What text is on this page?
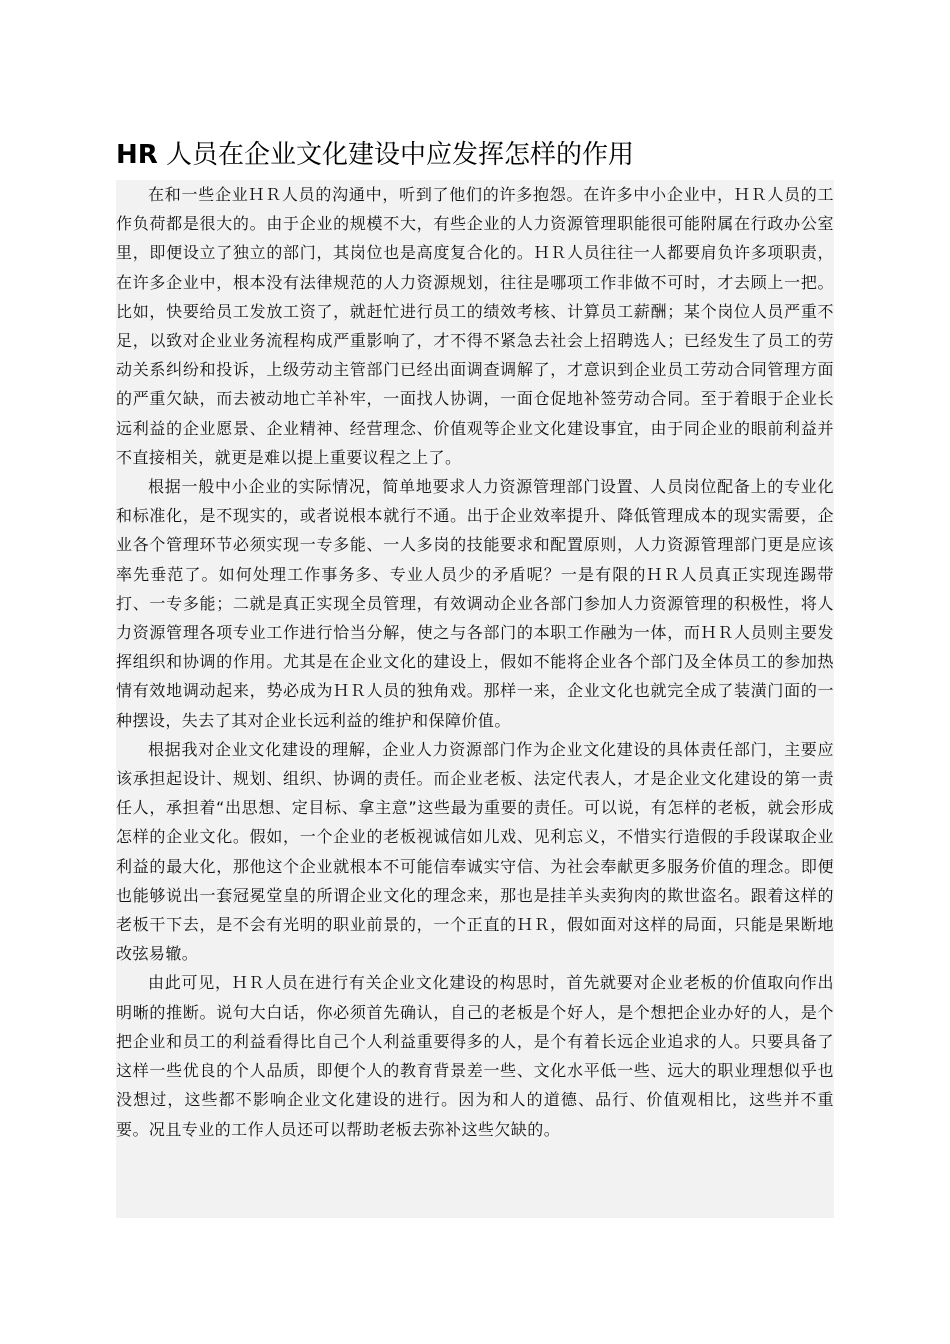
HR 人员在企业文化建设中应发挥怎样的作用

在和一些企业ＨＲ人员的沟通中，听到了他们的许多抱怨。在许多中小企业中，ＨＲ人员的工作负荷都是很大的。由于企业的规模不大，有些企业的人力资源管理职能很可能附属在行政办公室里，即便设立了独立的部门，其岗位也是高度复合化的。ＨＲ人员往往一人都要肩负许多项职责，在许多企业中，根本没有法律规范的人力资源规划，往往是哪项工作非做不可时，才去顾上一把。比如，快要给员工发放工资了，就赶忙进行员工的绩效考核、计算员工薪酬；某个岗位人员严重不足，以致对企业业务流程构成严重影响了，才不得不紧急去社会上招聘选人；已经发生了员工的劳动关系纠纷和投诉，上级劳动主管部门已经出面调查调解了，才意识到企业员工劳动合同管理方面的严重欠缺，而去被动地亡羊补牢，一面找人协调，一面仓促地补签劳动合同。至于着眼于企业长远利益的企业愿景、企业精神、经营理念、价值观等企业文化建设事宜，由于同企业的眼前利益并不直接相关，就更是难以提上重要议程之上了。

根据一般中小企业的实际情况，简单地要求人力资源管理部门设置、人员岗位配备上的专业化和标准化，是不现实的，或者说根本就行不通。出于企业效率提升、降低管理成本的现实需要，企业各个管理环节必须实现一专多能、一人多岗的技能要求和配置原则，人力资源管理部门更是应该率先垂范了。如何处理工作事务多、专业人员少的矛盾呢？一是有限的ＨＲ人员真正实现连踢带打、一专多能；二就是真正实现全员管理，有效调动企业各部门参加人力资源管理的积极性，将人力资源管理各项专业工作进行恰当分解，使之与各部门的本职工作融为一体，而ＨＲ人员则主要发挥组织和协调的作用。尤其是在企业文化的建设上，假如不能将企业各个部门及全体员工的参加热情有效地调动起来，势必成为ＨＲ人员的独角戏。那样一来，企业文化也就完全成了装潢门面的一种摆设，失去了其对企业长远利益的维护和保障价值。

根据我对企业文化建设的理解，企业人力资源部门作为企业文化建设的具体责任部门，主要应该承担起设计、规划、组织、协调的责任。而企业老板、法定代表人，才是企业文化建设的第一责任人，承担着“出思想、定目标、拿主意”这些最为重要的责任。可以说，有怎样的老板，就会形成怎样的企业文化。假如，一个企业的老板视诚信如儿戏、见利忘义，不惜实行造假的手段谋取企业利益的最大化，那他这个企业就根本不可能信奉诚实守信、为社会奉献更多服务价值的理念。即便也能够说出一套冠冕堂皇的所谓企业文化的理念来，那也是挂羊头卖狗肉的欺世盗名。跟着这样的老板干下去，是不会有光明的职业前景的，一个正直的ＨＲ，假如面对这样的局面，只能是果断地改弦易辙。

由此可见，ＨＲ人员在进行有关企业文化建设的构思时，首先就要对企业老板的价值取向作出明晰的推断。说句大白话，你必须首先确认，自己的老板是个好人，是个想把企业办好的人，是个把企业和员工的利益看得比自己个人利益重要得多的人，是个有着长远企业追求的人。只要具备了这样一些优良的个人品质，即便个人的教育背景差一些、文化水平低一些、远大的职业理想似乎也没想过，这些都不影响企业文化建设的进行。因为和人的道德、品行、价值观相比，这些并不重要。况且专业的工作人员还可以帮助老板去弥补这些欠缺的。
